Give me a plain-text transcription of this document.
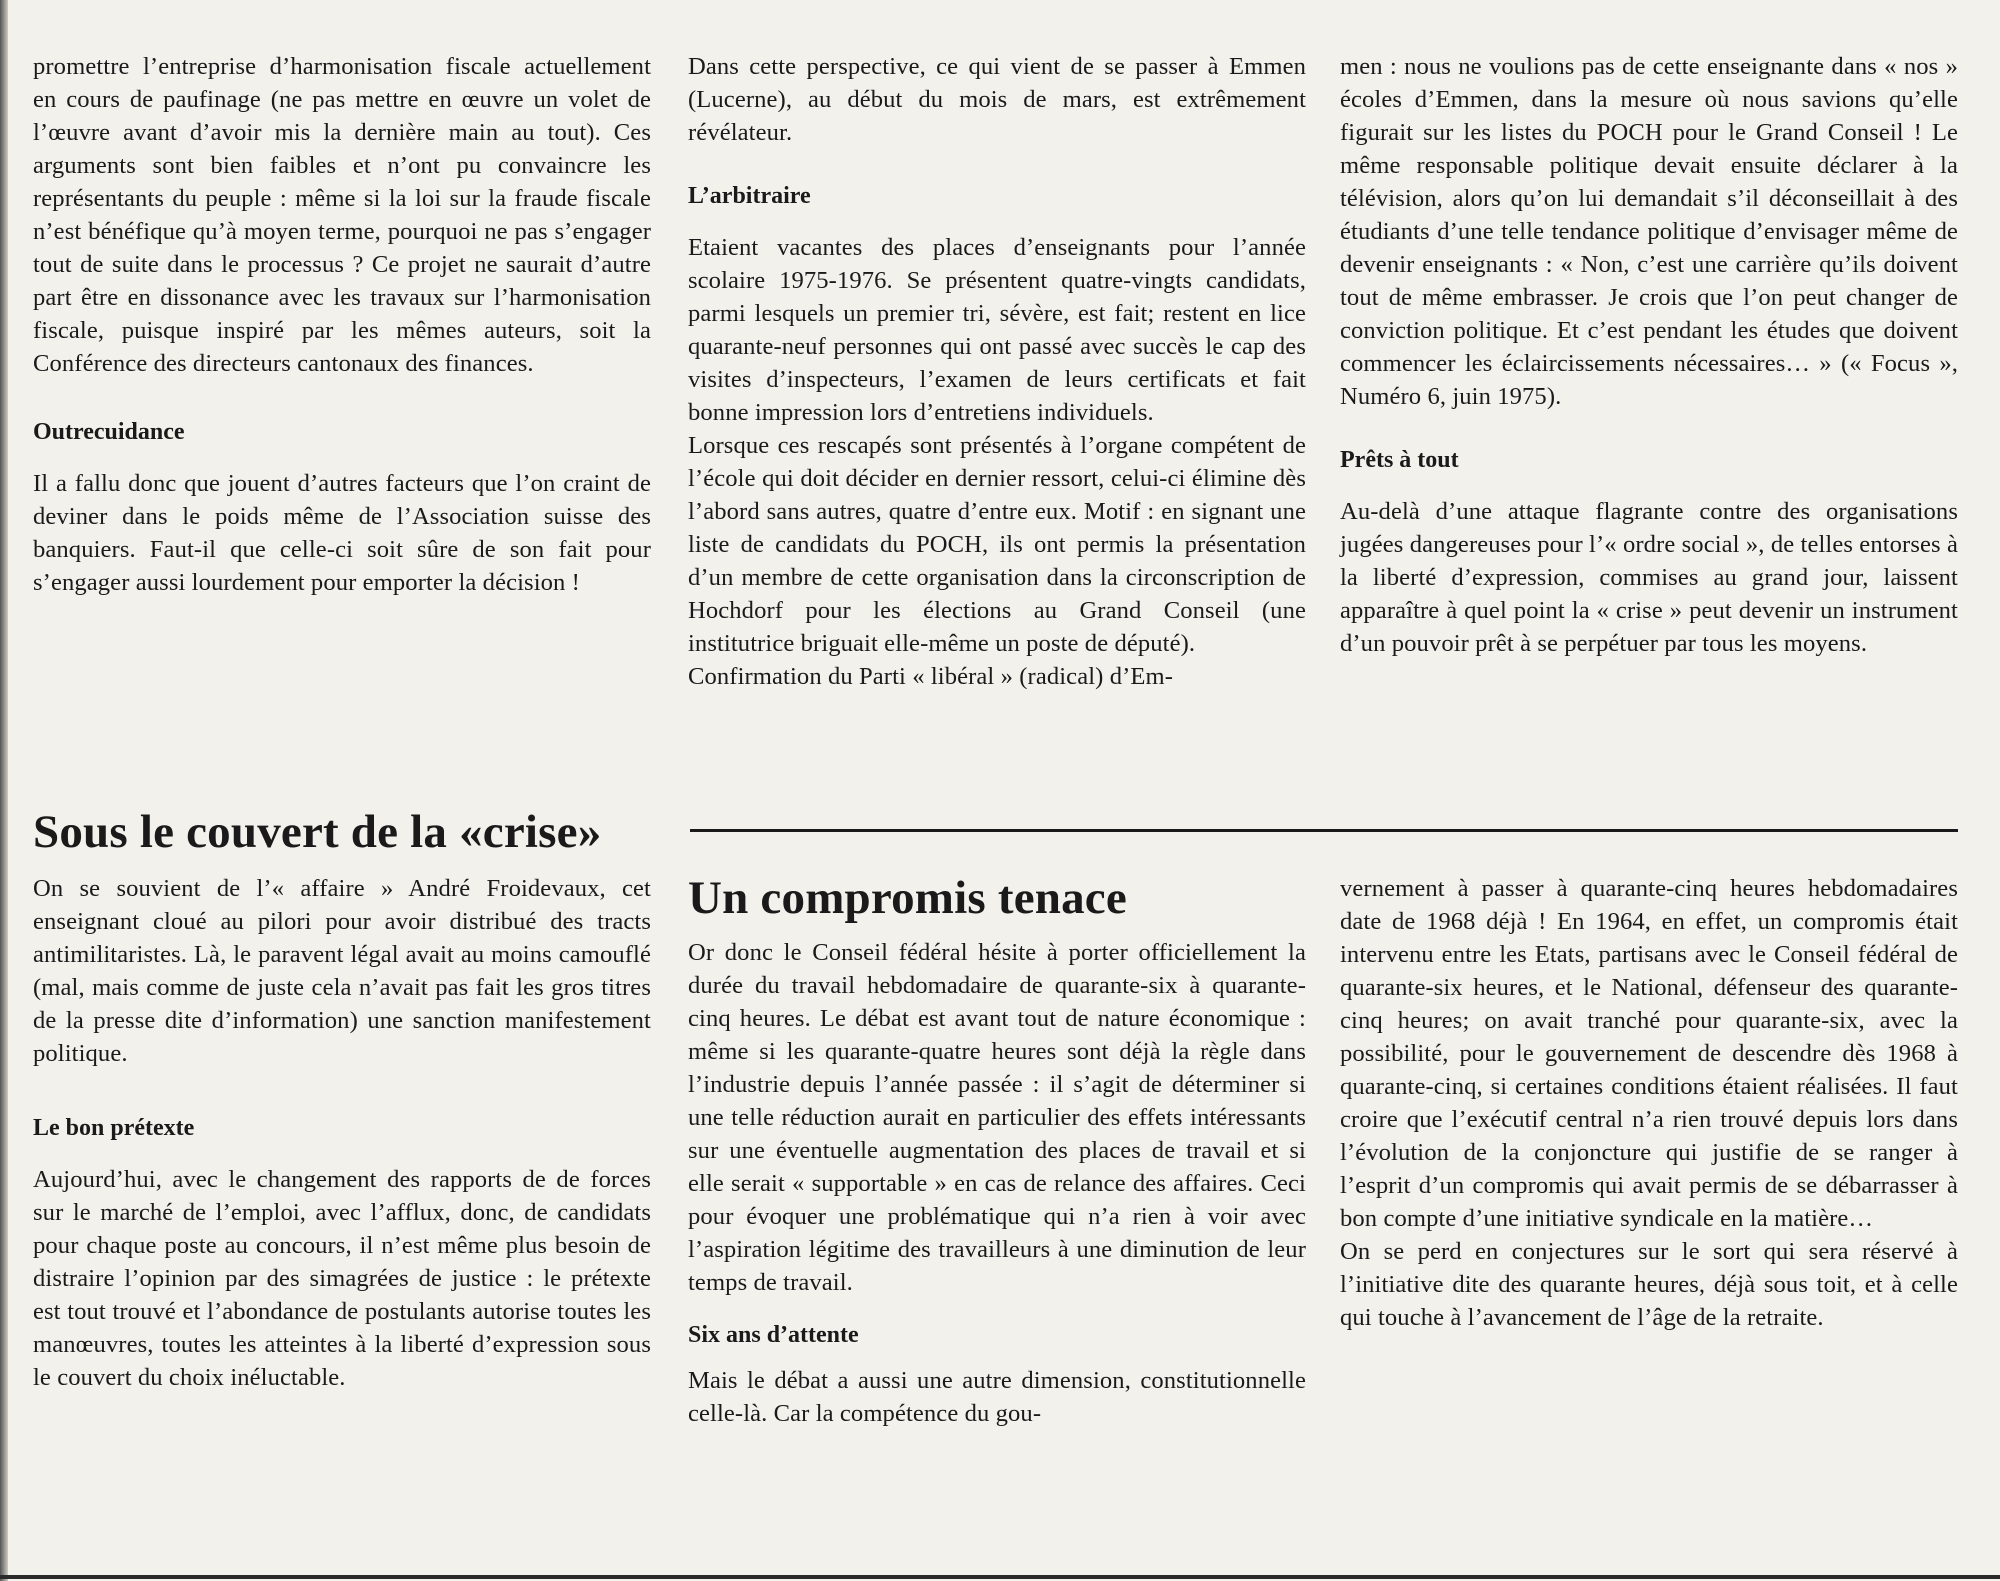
promettre l’entreprise d’harmonisation fiscale actuellement en cours de paufinage (ne pas mettre en œuvre un volet de l’œuvre avant d’avoir mis la dernière main au tout). Ces arguments sont bien faibles et n’ont pu convaincre les représentants du peuple : même si la loi sur la fraude fiscale n’est bénéfique qu’à moyen terme, pourquoi ne pas s’engager tout de suite dans le processus ? Ce projet ne saurait d’autre part être en dissonance avec les travaux sur l’harmonisation fiscale, puisque inspiré par les mêmes auteurs, soit la Conférence des directeurs cantonaux des finances.

Outrecuidance

Il a fallu donc que jouent d’autres facteurs que l’on craint de deviner dans le poids même de l’Association suisse des banquiers. Faut-il que celle-ci soit sûre de son fait pour s’engager aussi lourdement pour emporter la décision !

Dans cette perspective, ce qui vient de se passer à Emmen (Lucerne), au début du mois de mars, est extrêmement révélateur.

L’arbitraire

Etaient vacantes des places d’enseignants pour l’année scolaire 1975-1976. Se présentent quatre-vingts candidats, parmi lesquels un premier tri, sévère, est fait; restent en lice quarante-neuf personnes qui ont passé avec succès le cap des visites d’inspecteurs, l’examen de leurs certificats et fait bonne impression lors d’entretiens individuels.

Lorsque ces rescapés sont présentés à l’organe compétent de l’école qui doit décider en dernier ressort, celui-ci élimine dès l’abord sans autres, quatre d’entre eux. Motif : en signant une liste de candidats du POCH, ils ont permis la présentation d’un membre de cette organisation dans la circonscription de Hochdorf pour les élections au Grand Conseil (une institutrice briguait elle-même un poste de député).

Confirmation du Parti « libéral » (radical) d’Em-

men : nous ne voulions pas de cette enseignante dans « nos » écoles d’Emmen, dans la mesure où nous savions qu’elle figurait sur les listes du POCH pour le Grand Conseil ! Le même responsable politique devait ensuite déclarer à la télévision, alors qu’on lui demandait s’il déconseillait à des étudiants d’une telle tendance politique d’envisager même de devenir enseignants : « Non, c’est une carrière qu’ils doivent tout de même embrasser. Je crois que l’on peut changer de conviction politique. Et c’est pendant les études que doivent commencer les éclaircissements nécessaires… » (« Focus », Numéro 6, juin 1975).

Prêts à tout

Au-delà d’une attaque flagrante contre des organisations jugées dangereuses pour l’« ordre social », de telles entorses à la liberté d’expression, commises au grand jour, laissent apparaître à quel point la « crise » peut devenir un instrument d’un pouvoir prêt à se perpétuer par tous les moyens.

Sous le couvert de la «crise»

On se souvient de l’« affaire » André Froidevaux, cet enseignant cloué au pilori pour avoir distribué des tracts antimilitaristes. Là, le paravent légal avait au moins camouflé (mal, mais comme de juste cela n’avait pas fait les gros titres de la presse dite d’information) une sanction manifestement politique.

Le bon prétexte

Aujourd’hui, avec le changement des rapports de de forces sur le marché de l’emploi, avec l’afflux, donc, de candidats pour chaque poste au concours, il n’est même plus besoin de distraire l’opinion par des simagrées de justice : le prétexte est tout trouvé et l’abondance de postulants autorise toutes les manœuvres, toutes les atteintes à la liberté d’expression sous le couvert du choix inéluctable.

Un compromis tenace

Or donc le Conseil fédéral hésite à porter officiellement la durée du travail hebdomadaire de quarante-six à quarante-cinq heures. Le débat est avant tout de nature économique : même si les quarante-quatre heures sont déjà la règle dans l’industrie depuis l’année passée : il s’agit de déterminer si une telle réduction aurait en particulier des effets intéressants sur une éventuelle augmentation des places de travail et si elle serait « supportable » en cas de relance des affaires. Ceci pour évoquer une problématique qui n’a rien à voir avec l’aspiration légitime des travailleurs à une diminution de leur temps de travail.

Six ans d’attente

Mais le débat a aussi une autre dimension, constitutionnelle celle-là. Car la compétence du gou-

vernement à passer à quarante-cinq heures hebdomadaires date de 1968 déjà ! En 1964, en effet, un compromis était intervenu entre les Etats, partisans avec le Conseil fédéral de quarante-six heures, et le National, défenseur des quarante-cinq heures; on avait tranché pour quarante-six, avec la possibilité, pour le gouvernement de descendre dès 1968 à quarante-cinq, si certaines conditions étaient réalisées. Il faut croire que l’exécutif central n’a rien trouvé depuis lors dans l’évolution de la conjoncture qui justifie de se ranger à l’esprit d’un compromis qui avait permis de se débarrasser à bon compte d’une initiative syndicale en la matière…

On se perd en conjectures sur le sort qui sera réservé à l’initiative dite des quarante heures, déjà sous toit, et à celle qui touche à l’avancement de l’âge de la retraite.
